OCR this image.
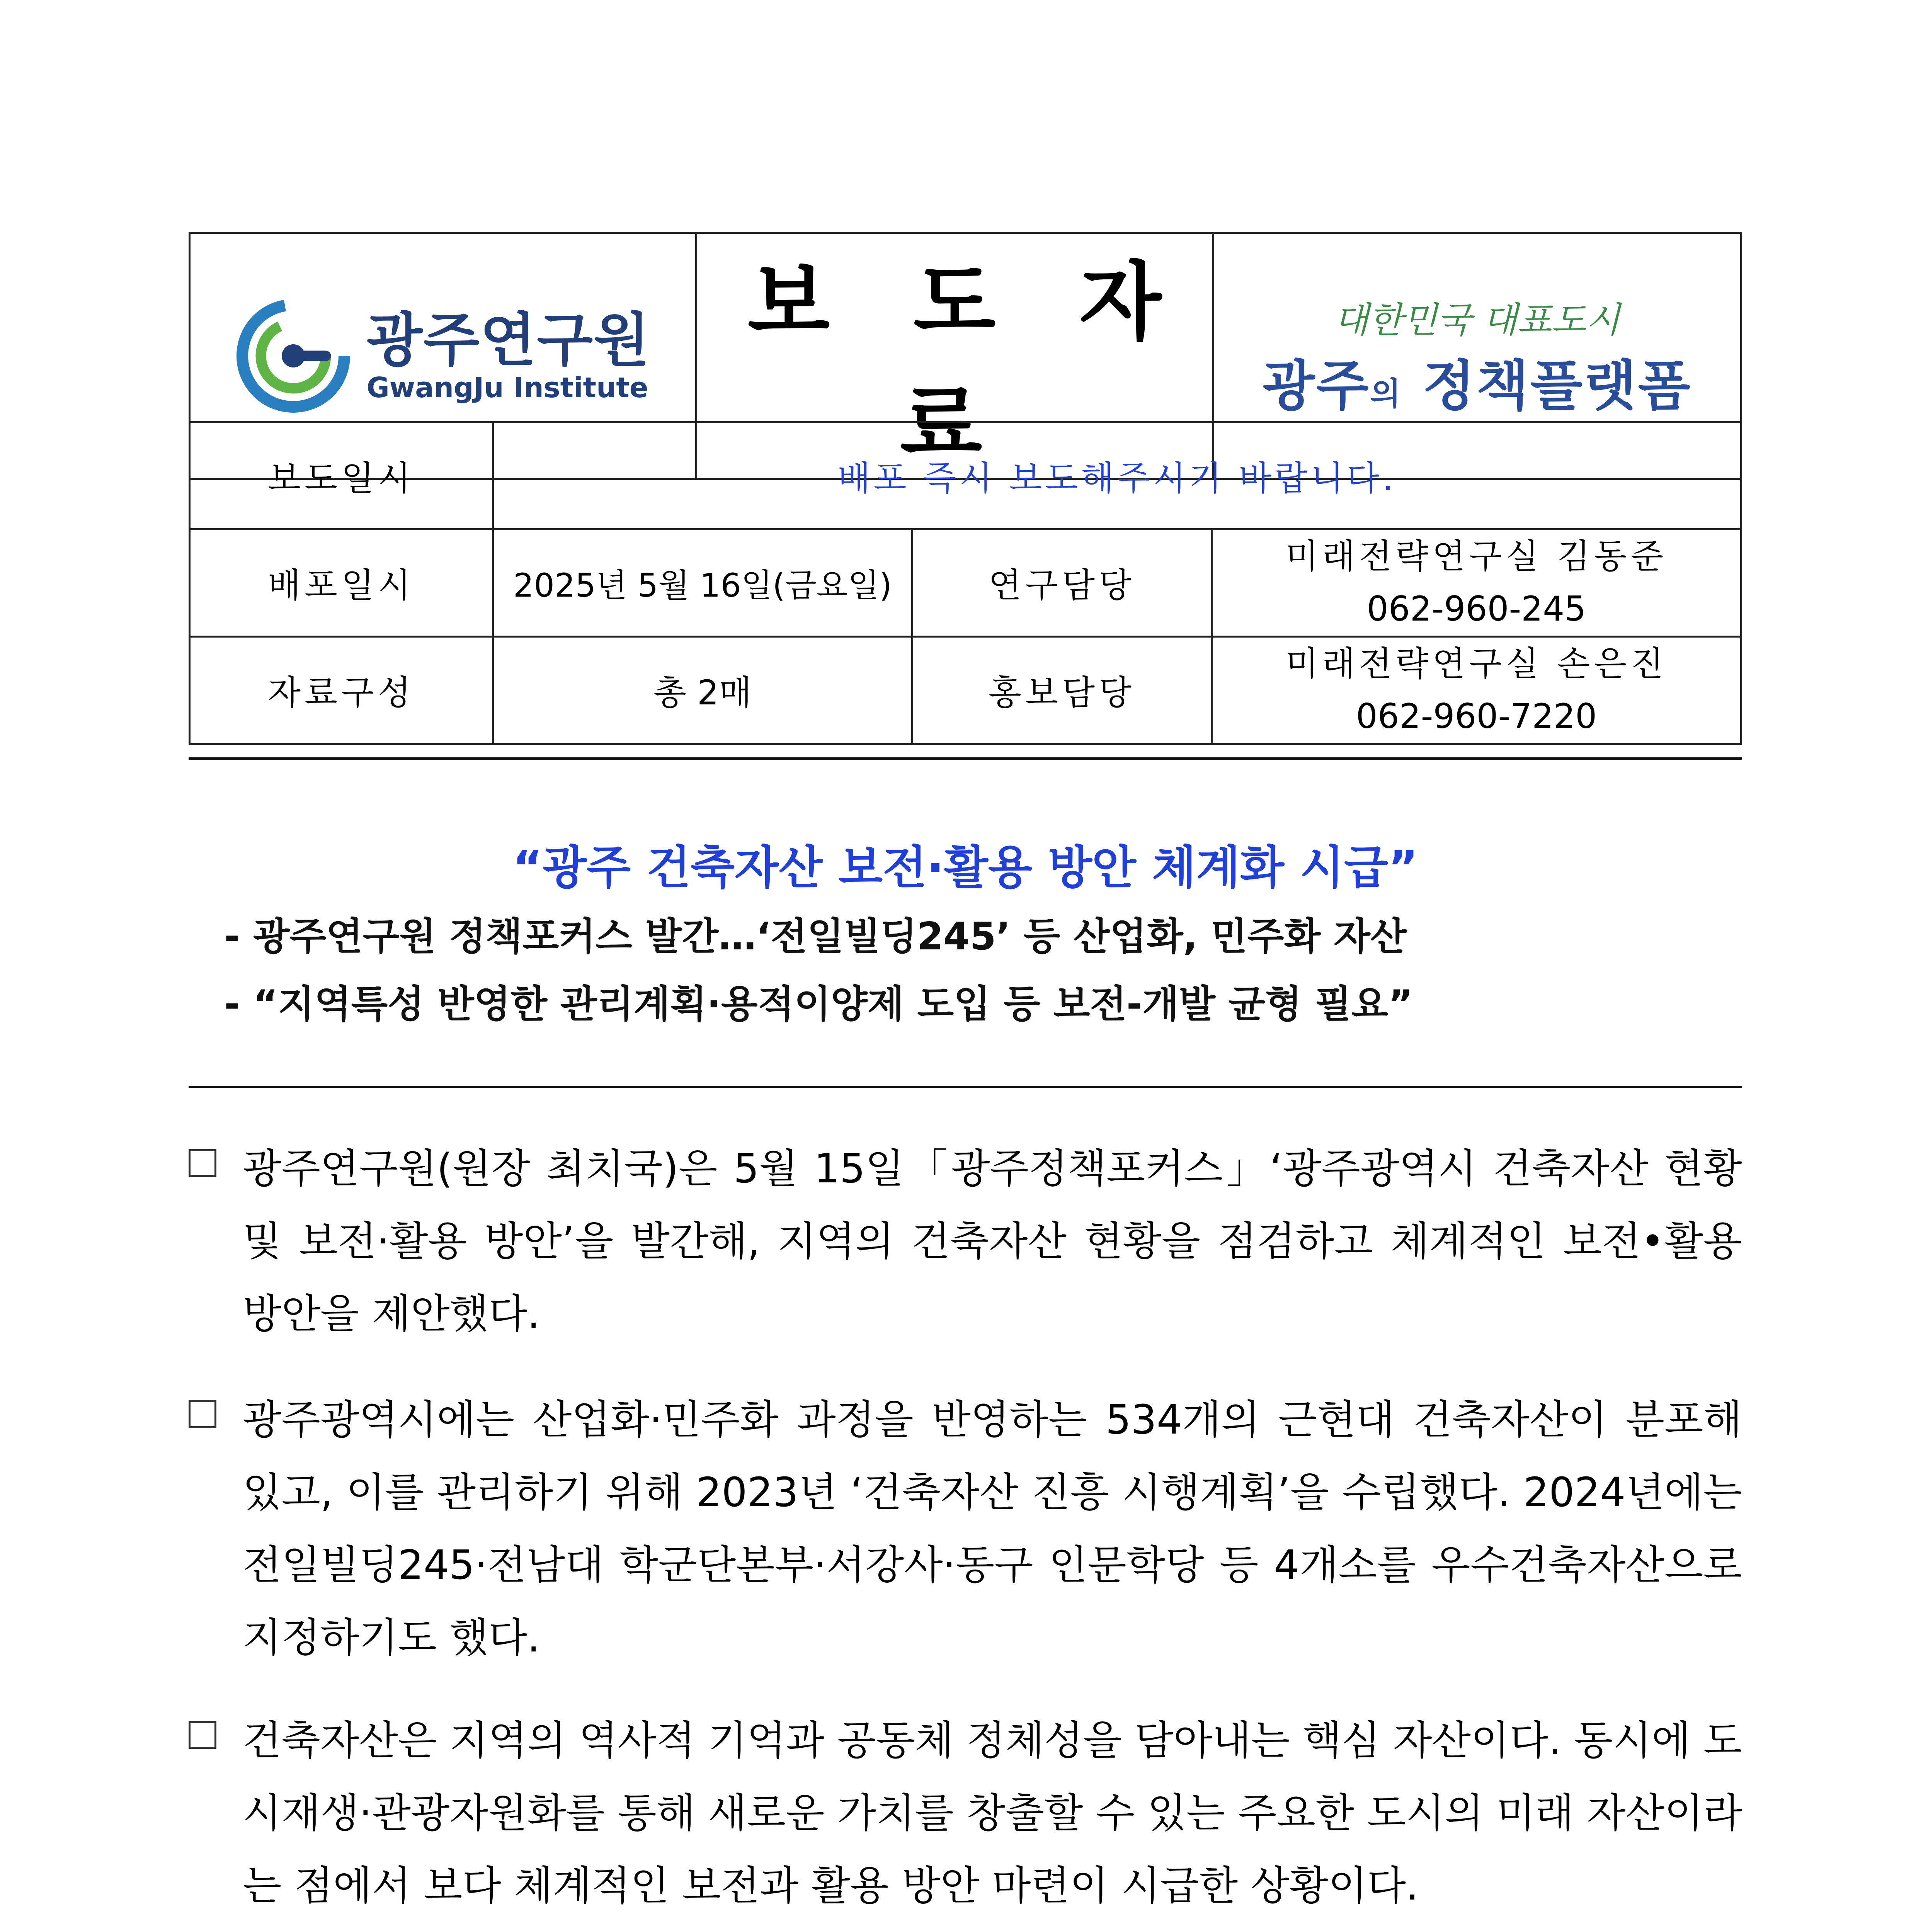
광주연구원
GwangJu Institute
	보 도 자 료	
대한민국 대표도시
광주의 정책플랫폼
보도일시	배포 즉시 보도해주시기 바랍니다.		
배포일시	2025년 5월 16일(금요일)	연구담당	미래전략연구실 김동준
062-960-245

자료구성	총 2매	홍보담당	미래전략연구실 손은진
062-960-7220
“광주 건축자산 보전·활용 방안 체계화 시급”
- 광주연구원 정책포커스 발간…‘전일빌딩245’ 등 산업화, 민주화 자산
- “지역특성 반영한 관리계획·용적이양제 도입 등 보전-개발 균형 필요”

광주연구원(원장 최치국)은 5월 15일「광주정책포커스」‘광주광역시 건축자산 현황 및 보전·활용 방안’을 발간해, 지역의 건축자산 현황을 점검하고 체계적인 보전•활용 방안을 제안했다.

광주광역시에는 산업화·민주화 과정을 반영하는 534개의 근현대 건축자산이 분포해 있고, 이를 관리하기 위해 2023년 ‘건축자산 진흥 시행계획’을 수립했다. 2024년에는 전일빌딩245·전남대 학군단본부·서강사·동구 인문학당 등 4개소를 우수건축자산으로 지정하기도 했다.

건축자산은 지역의 역사적 기억과 공동체 정체성을 담아내는 핵심 자산이다. 동시에 도시재생·관광자원화를 통해 새로운 가치를 창출할 수 있는 주요한 도시의 미래 자산이라는 점에서 보다 체계적인 보전과 활용 방안 마련이 시급한 상황이다.
